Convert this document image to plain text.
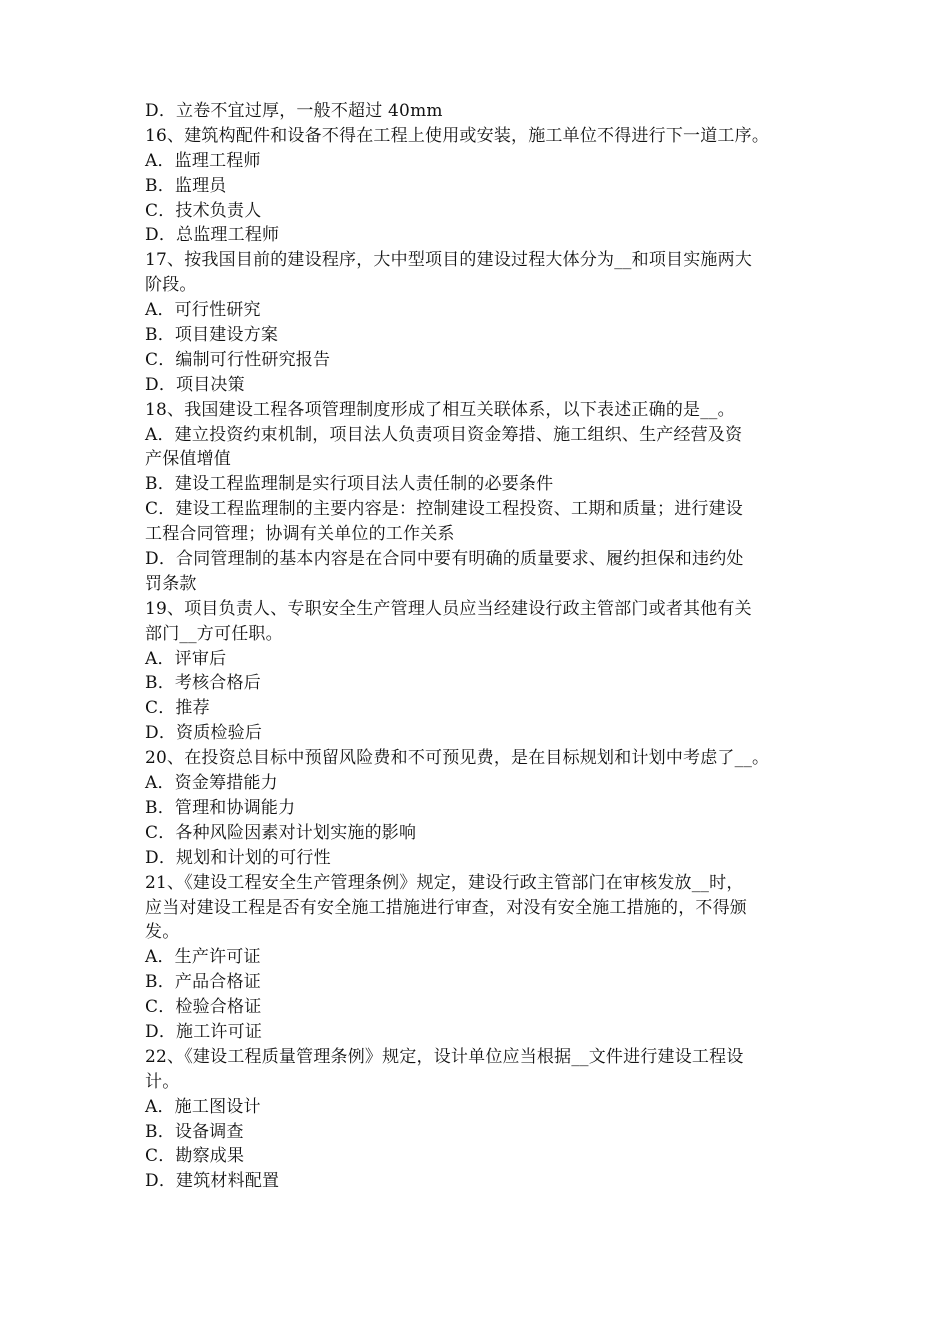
D．立卷不宜过厚，一般不超过 40mm
16、建筑构配件和设备不得在工程上使用或安装，施工单位不得进行下一道工序。
A．监理工程师
B．监理员
C．技术负责人
D．总监理工程师
17、按我国目前的建设程序，大中型项目的建设过程大体分为__和项目实施两大
阶段。
A．可行性研究
B．项目建设方案
C．编制可行性研究报告
D．项目决策
18、我国建设工程各项管理制度形成了相互关联体系，以下表述正确的是__。
A．建立投资约束机制，项目法人负责项目资金筹措、施工组织、生产经营及资
产保值增值
B．建设工程监理制是实行项目法人责任制的必要条件
C．建设工程监理制的主要内容是：控制建设工程投资、工期和质量；进行建设
工程合同管理；协调有关单位的工作关系
D．合同管理制的基本内容是在合同中要有明确的质量要求、履约担保和违约处
罚条款
19、项目负责人、专职安全生产管理人员应当经建设行政主管部门或者其他有关
部门__方可任职。
A．评审后
B．考核合格后
C．推荐
D．资质检验后
20、在投资总目标中预留风险费和不可预见费，是在目标规划和计划中考虑了__。
A．资金筹措能力
B．管理和协调能力
C．各种风险因素对计划实施的影响
D．规划和计划的可行性
21、《建设工程安全生产管理条例》规定，建设行政主管部门在审核发放__时，
应当对建设工程是否有安全施工措施进行审查，对没有安全施工措施的，不得颁
发。
A．生产许可证
B．产品合格证
C．检验合格证
D．施工许可证
22、《建设工程质量管理条例》规定，设计单位应当根据__文件进行建设工程设
计。
A．施工图设计
B．设备调查
C．勘察成果
D．建筑材料配置
